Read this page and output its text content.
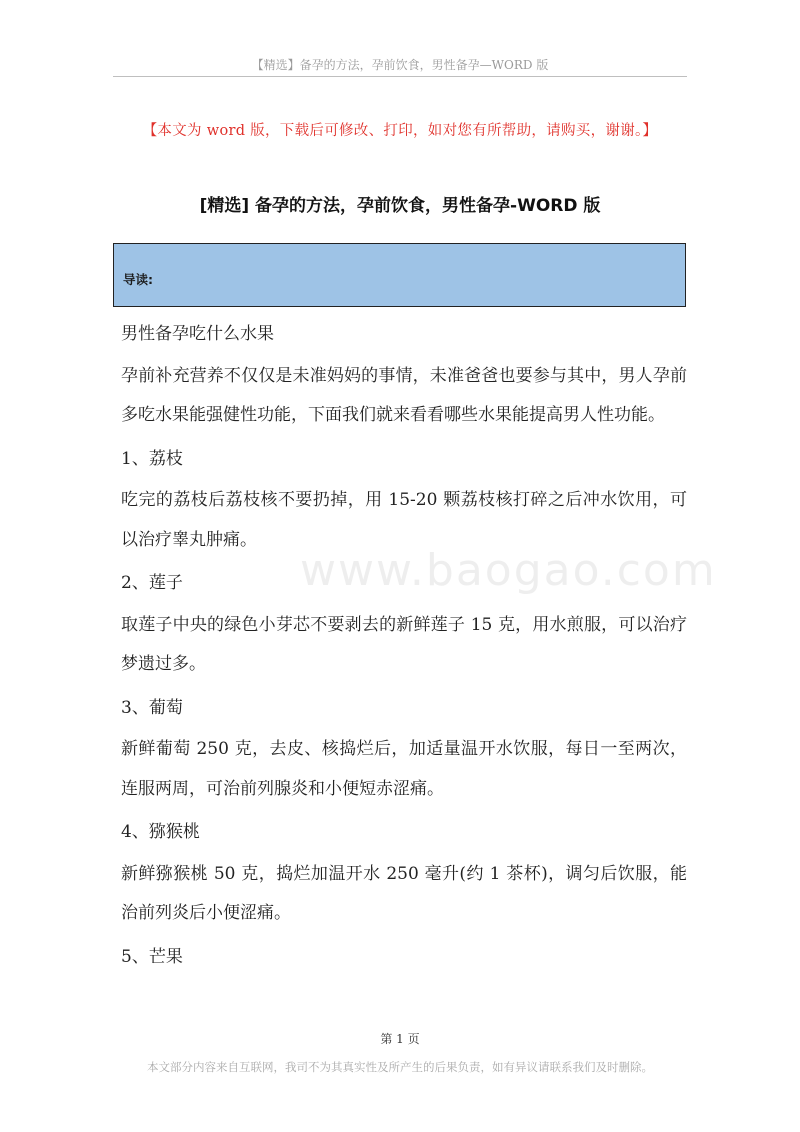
【精选】备孕的方法，孕前饮食，男性备孕—WORD 版
【本文为 word 版，下载后可修改、打印，如对您有所帮助，请购买，谢谢。】
[精选] 备孕的方法，孕前饮食，男性备孕-WORD 版
导读:
www.baogao.com

男性备孕吃什么水果

孕前补充营养不仅仅是未准妈妈的事情，未准爸爸也要参与其中，男人孕前多吃水果能强健性功能，下面我们就来看看哪些水果能提高男人性功能。

1、荔枝

吃完的荔枝后荔枝核不要扔掉，用 15-20 颗荔枝核打碎之后冲水饮用，可以治疗睾丸肿痛。

2、莲子

取莲子中央的绿色小芽芯不要剥去的新鲜莲子 15 克，用水煎服，可以治疗梦遗过多。

3、葡萄

新鲜葡萄 250 克，去皮、核捣烂后，加适量温开水饮服，每日一至两次，连服两周，可治前列腺炎和小便短赤涩痛。

4、猕猴桃

新鲜猕猴桃 50 克，捣烂加温开水 250 毫升(约 1 茶杯)，调匀后饮服，能治前列炎后小便涩痛。

5、芒果

第 1 页
本文部分内容来自互联网，我司不为其真实性及所产生的后果负责，如有异议请联系我们及时删除。
